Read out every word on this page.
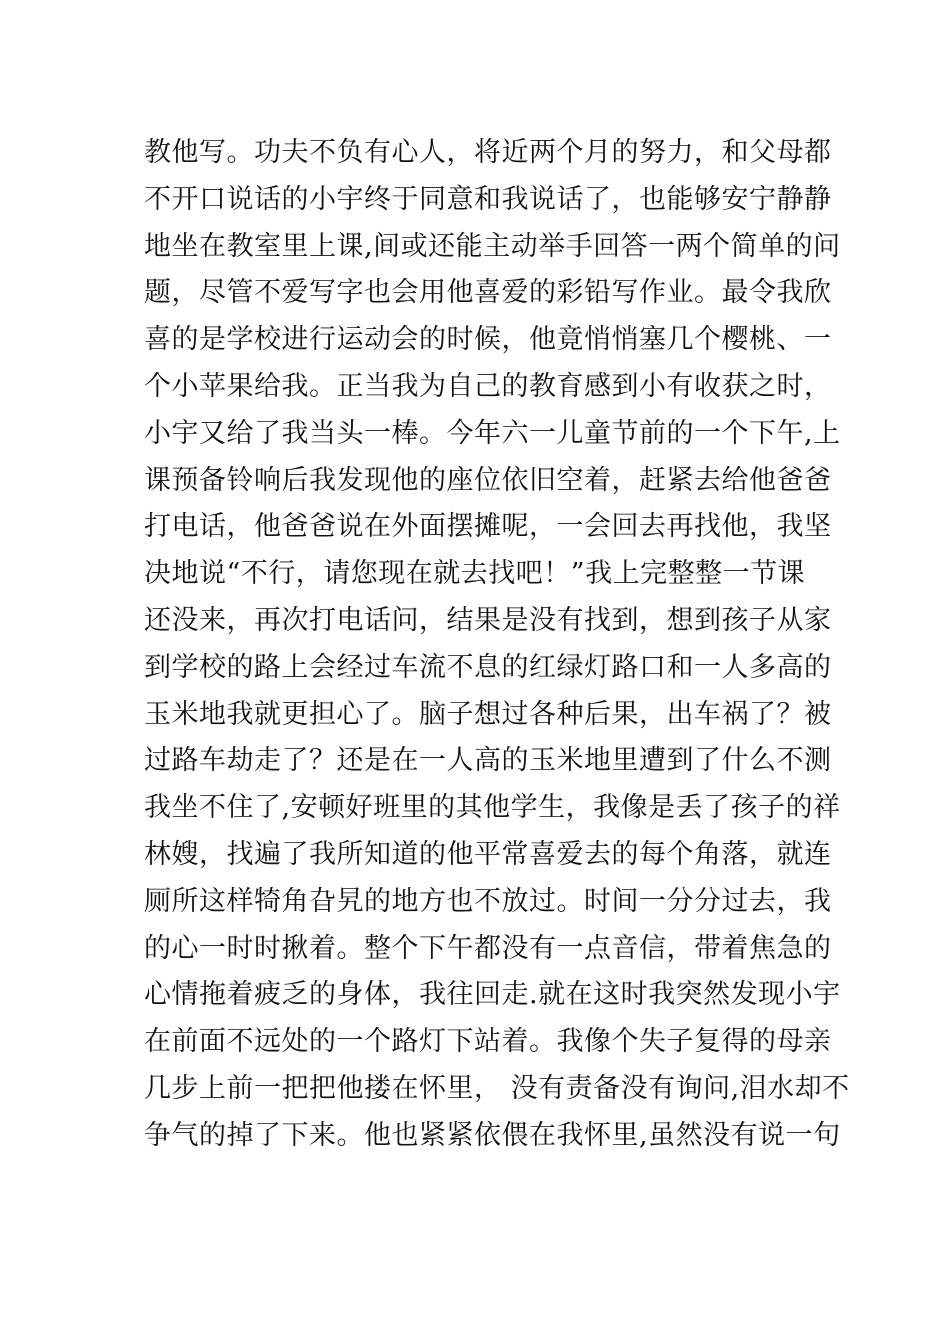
教他写。功夫不负有心人，将近两个月的努力，和父母都
不开口说话的小宇终于同意和我说话了，也能够安宁静静
地坐在教室里上课,间或还能主动举手回答一两个简单的问
题，尽管不爱写字也会用他喜爱的彩铅写作业。最令我欣
喜的是学校进行运动会的时候，他竟悄悄塞几个樱桃、一
个小苹果给我。正当我为自己的教育感到小有收获之时，
小宇又给了我当头一棒。今年六一儿童节前的一个下午,上
课预备铃响后我发现他的座位依旧空着，赶紧去给他爸爸
打电话，他爸爸说在外面摆摊呢，一会回去再找他，我坚
决地说“不行，请您现在就去找吧！”我上完整整一节课
还没来，再次打电话问，结果是没有找到，想到孩子从家
到学校的路上会经过车流不息的红绿灯路口和一人多高的
玉米地我就更担心了。脑子想过各种后果，出车祸了？被
过路车劫走了？还是在一人高的玉米地里遭到了什么不测
我坐不住了,安顿好班里的其他学生，我像是丢了孩子的祥
林嫂，找遍了我所知道的他平常喜爱去的每个角落，就连
厕所这样犄角旮旯的地方也不放过。时间一分分过去，我
的心一时时揪着。整个下午都没有一点音信，带着焦急的
心情拖着疲乏的身体，我往回走.就在这时我突然发现小宇
在前面不远处的一个路灯下站着。我像个失子复得的母亲
几步上前一把把他搂在怀里， 没有责备没有询问,泪水却不
争气的掉了下来。他也紧紧依偎在我怀里,虽然没有说一句
